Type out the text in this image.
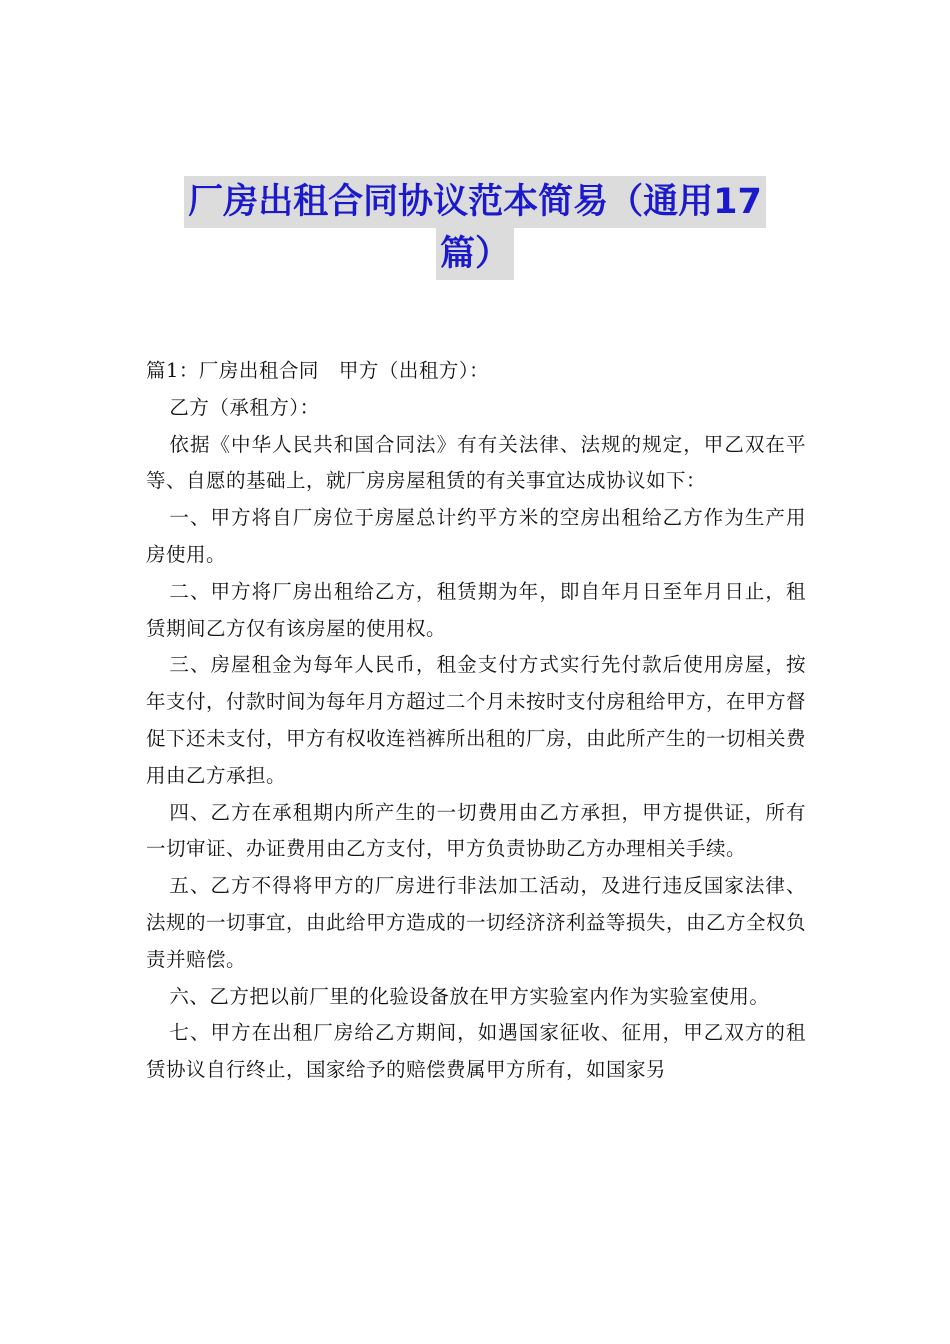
厂房出租合同协议范本简易（通用17
篇）

篇1：厂房出租合同　甲方（出租方）：

乙方（承租方）：

依据《中华人民共和国合同法》有有关法律、法规的规定，甲乙双在平等、自愿的基础上，就厂房房屋租赁的有关事宜达成协议如下：

一、甲方将自厂房位于房屋总计约平方米的空房出租给乙方作为生产用房使用。

二、甲方将厂房出租给乙方，租赁期为年，即自年月日至年月日止，租赁期间乙方仅有该房屋的使用权。

三、房屋租金为每年人民币，租金支付方式实行先付款后使用房屋，按年支付，付款时间为每年月方超过二个月未按时支付房租给甲方，在甲方督促下还未支付，甲方有权收连裆裤所出租的厂房，由此所产生的一切相关费用由乙方承担。

四、乙方在承租期内所产生的一切费用由乙方承担，甲方提供证，所有一切审证、办证费用由乙方支付，甲方负责协助乙方办理相关手续。

五、乙方不得将甲方的厂房进行非法加工活动，及进行违反国家法律、法规的一切事宜，由此给甲方造成的一切经济济利益等损失，由乙方全权负责并赔偿。

六、乙方把以前厂里的化验设备放在甲方实验室内作为实验室使用。

七、甲方在出租厂房给乙方期间，如遇国家征收、征用，甲乙双方的租赁协议自行终止，国家给予的赔偿费属甲方所有，如国家另
